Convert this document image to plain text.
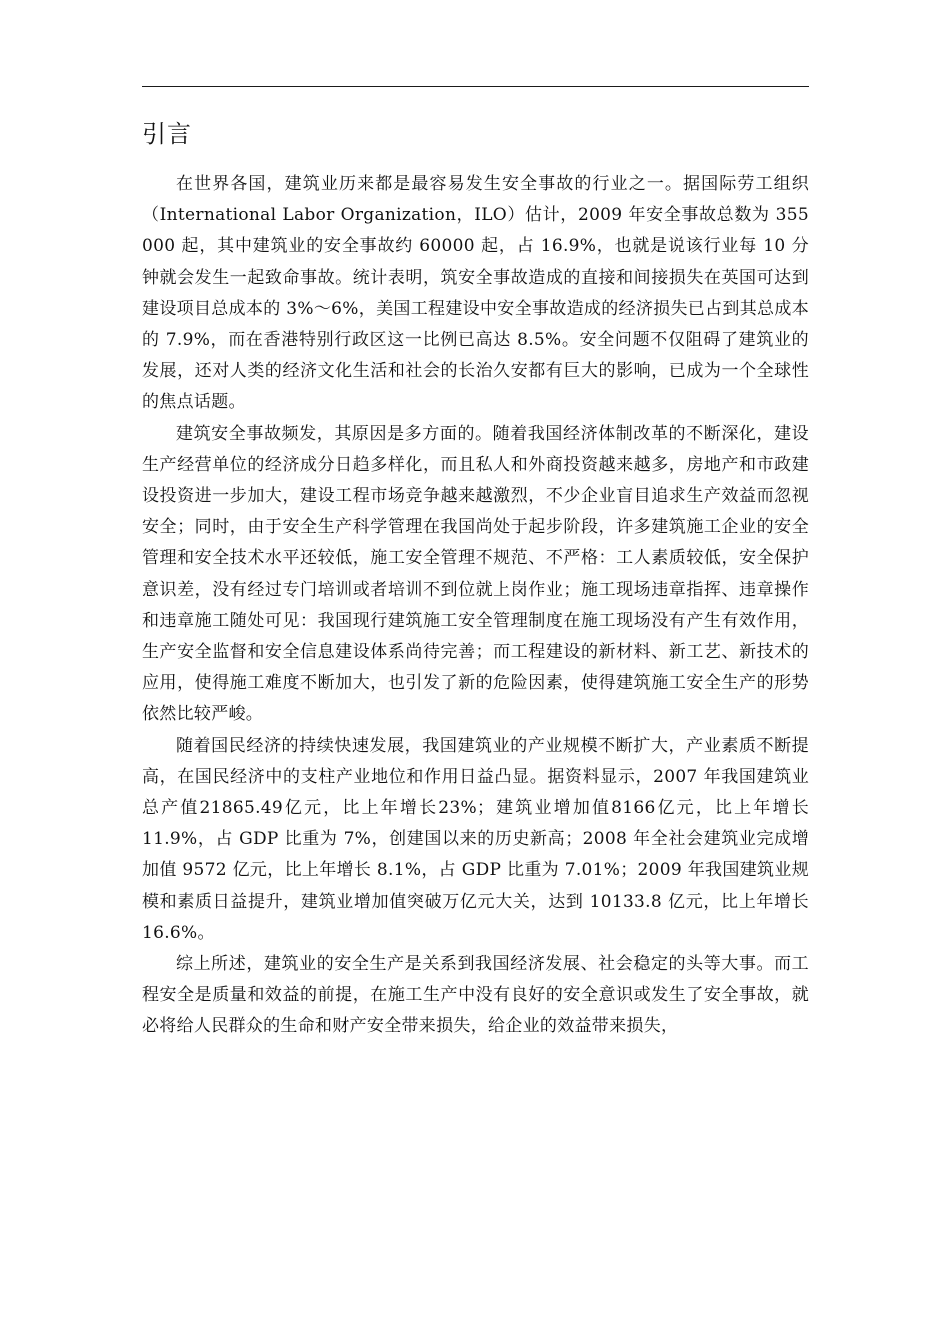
引言

在世界各国，建筑业历来都是最容易发生安全事故的行业之一。据国际劳工组织（International Labor Organization，ILO）估计，2009 年安全事故总数为 355 000 起，其中建筑业的安全事故约 60000 起，占 16.9%，也就是说该行业每 10 分钟就会发生一起致命事故。统计表明，筑安全事故造成的直接和间接损失在英国可达到建设项目总成本的 3%～6%，美国工程建设中安全事故造成的经济损失已占到其总成本的 7.9%，而在香港特别行政区这一比例已高达 8.5%。安全问题不仅阻碍了建筑业的发展，还对人类的经济文化生活和社会的长治久安都有巨大的影响，已成为一个全球性的焦点话题。

建筑安全事故频发，其原因是多方面的。随着我国经济体制改革的不断深化，建设生产经营单位的经济成分日趋多样化，而且私人和外商投资越来越多，房地产和市政建设投资进一步加大，建设工程市场竞争越来越激烈，不少企业盲目追求生产效益而忽视安全；同时，由于安全生产科学管理在我国尚处于起步阶段，许多建筑施工企业的安全管理和安全技术水平还较低，施工安全管理不规范、不严格：工人素质较低，安全保护意识差，没有经过专门培训或者培训不到位就上岗作业；施工现场违章指挥、违章操作和违章施工随处可见：我国现行建筑施工安全管理制度在施工现场没有产生有效作用，生产安全监督和安全信息建设体系尚待完善；而工程建设的新材料、新工艺、新技术的应用，使得施工难度不断加大，也引发了新的危险因素，使得建筑施工安全生产的形势依然比较严峻。

随着国民经济的持续快速发展，我国建筑业的产业规模不断扩大，产业素质不断提高，在国民经济中的支柱产业地位和作用日益凸显。据资料显示，2007 年我国建筑业总产值21865.49亿元，比上年增长23%；建筑业增加值8166亿元，比上年增长 11.9%，占 GDP 比重为 7%，创建国以来的历史新高；2008 年全社会建筑业完成增加值 9572 亿元，比上年增长 8.1%，占 GDP 比重为 7.01%；2009 年我国建筑业规模和素质日益提升，建筑业增加值突破万亿元大关，达到 10133.8 亿元，比上年增长 16.6%。

综上所述，建筑业的安全生产是关系到我国经济发展、社会稳定的头等大事。而工程安全是质量和效益的前提，在施工生产中没有良好的安全意识或发生了安全事故，就必将给人民群众的生命和财产安全带来损失，给企业的效益带来损失，
